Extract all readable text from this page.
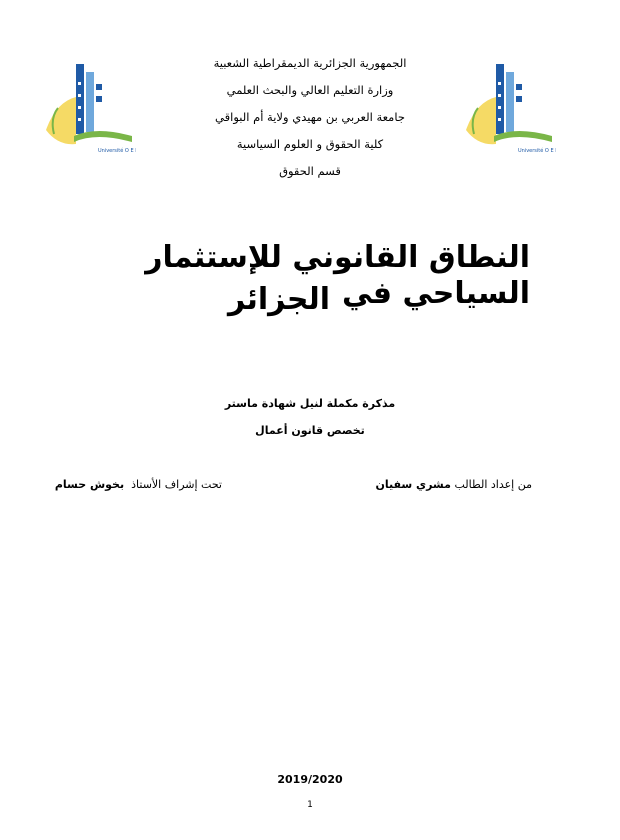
Université O E B	Université O E B
الجمهورية الجزائرية الديمقراطية الشعبية
وزارة التعليم العالي والبحث العلمي
جامعة العربي بن مهيدي ولاية أم البواقي
كلية الحقوق و العلوم السياسية
قسم الحقوق
النطاق القانوني للإستثمار السياحي في
الجزائر
مذكرة مكملة لنيل شهادة ماستر
تخصص قانون أعمال
من إعداد الطالب مشري سفيان
تحت إشراف الأستاذ  بخوش حسام
2019/2020
1
